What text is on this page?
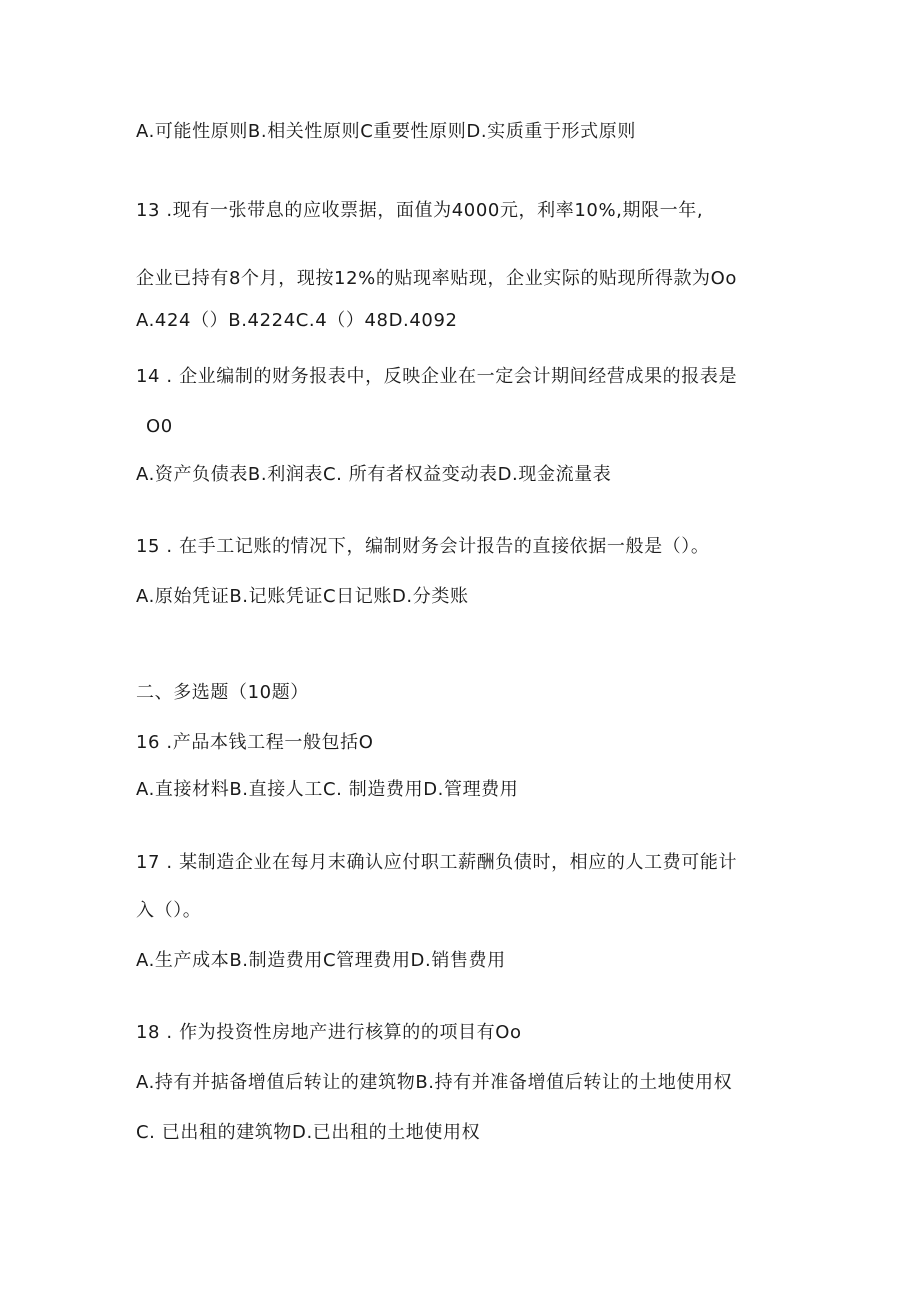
A.可能性原则B.相关性原则C重要性原则D.实质重于形式原则
13 .现有一张带息的应收票据，面值为4000元，利率10%,期限一年,
企业已持有8个月，现按12%的贴现率贴现，企业实际的贴现所得款为Oo
A.424（）B.4224C.4（）48D.4092
14 . 企业编制的财务报表中，反映企业在一定会计期间经营成果的报表是
O0
A.资产负债表B.利润表C. 所有者权益变动表D.现金流量表
15 . 在手工记账的情况下，编制财务会计报告的直接依据一般是（）。
A.原始凭证B.记账凭证C日记账D.分类账
二、多选题（10题）
16 .产品本钱工程一般包括O
A.直接材料B.直接人工C. 制造费用D.管理费用
17 . 某制造企业在每月末确认应付职工薪酬负债时，相应的人工费可能计
入（）。
A.生产成本B.制造费用C管理费用D.销售费用
18 . 作为投资性房地产进行核算的的项目有Oo
A.持有并掂备增值后转让的建筑物B.持有并准备增值后转让的土地使用权
C. 已出租的建筑物D.已出租的土地使用权
